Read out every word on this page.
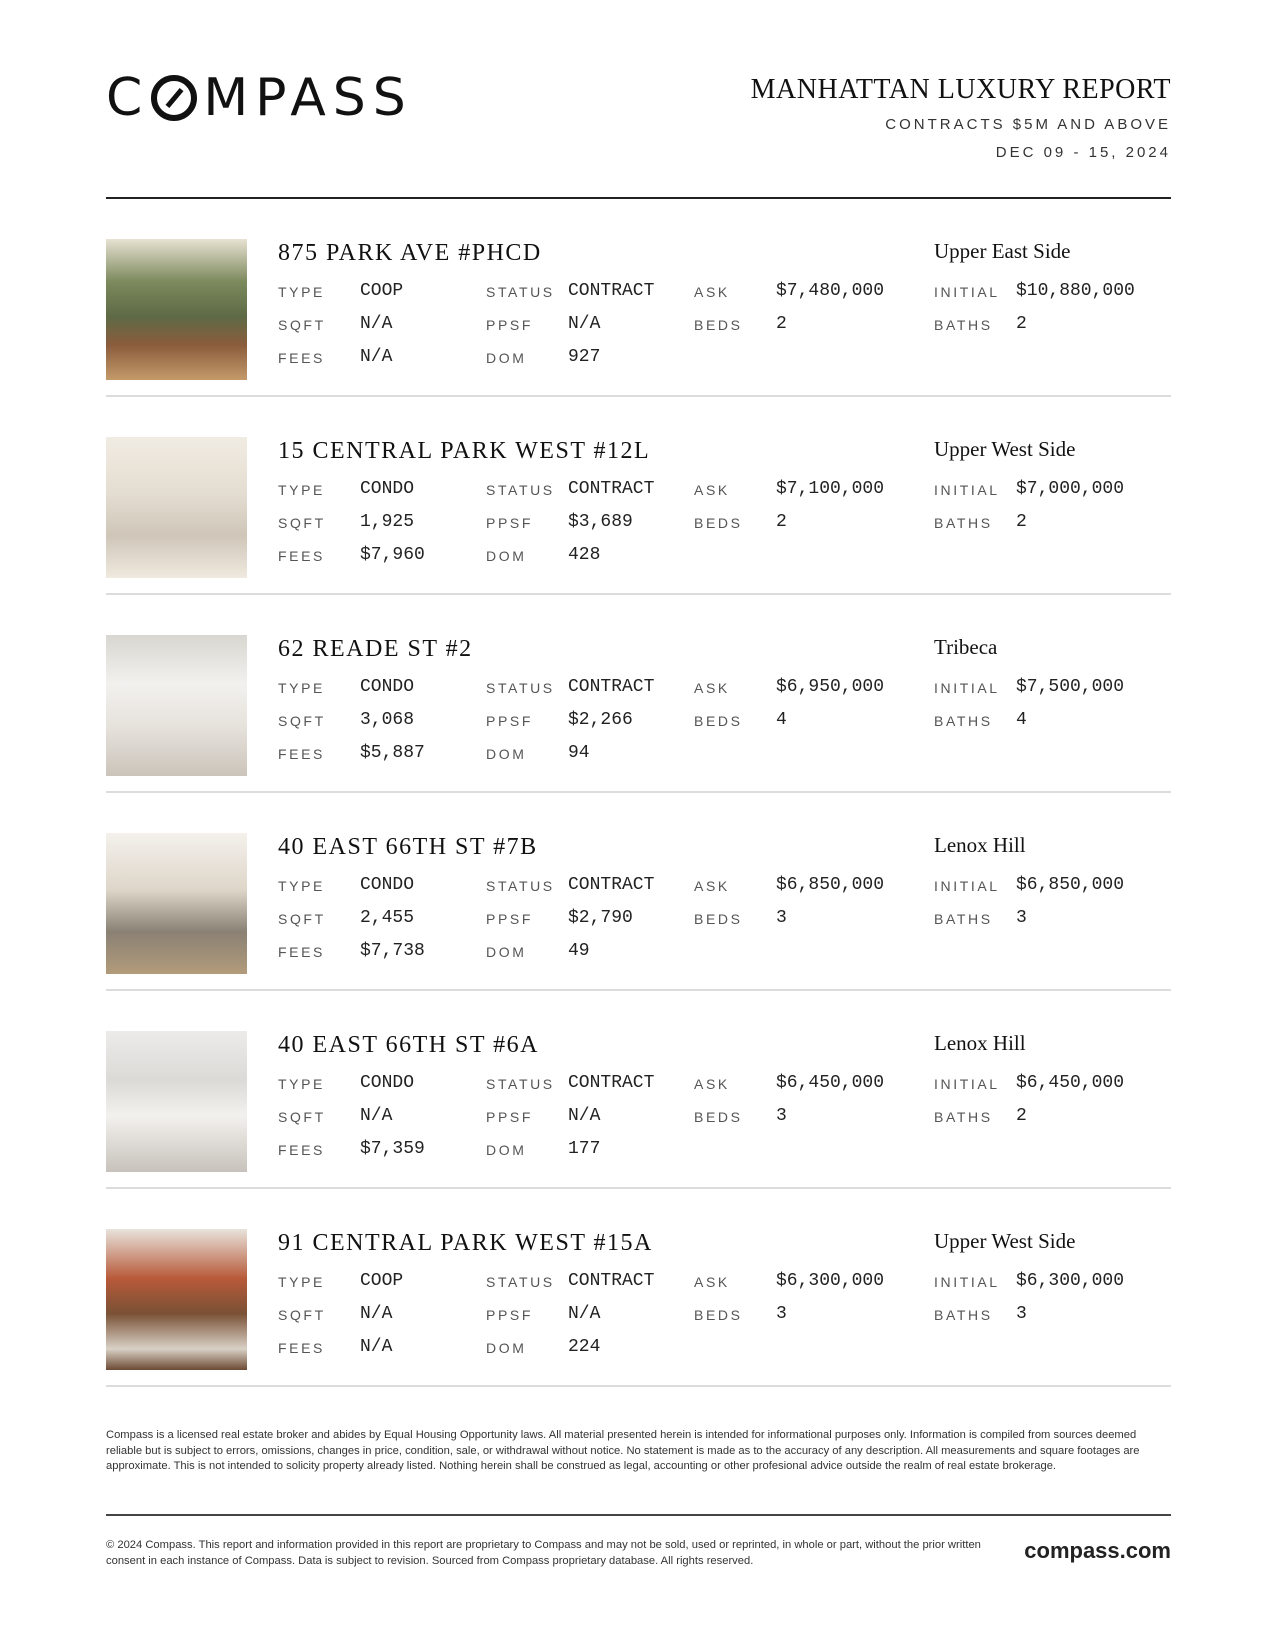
C MPASS	MANHATTAN LUXURY REPORT
CONTRACTS $5M AND ABOVE
DEC 09 - 15, 2024
875 PARK AVE #PHCD	Upper East Side
TYPE COOP
SQFT N/A
FEES N/A
STATUS CONTRACT
PPSF N/A
DOM 927
ASK	$7,480,000
BEDS 2
INITIAL $10,880,000
BATHS 2
15 CENTRAL PARK WEST #12L	Upper West Side
TYPE CONDO
SQFT 1,925
FEES $7,960
STATUS CONTRACT
PPSF $3,689
DOM 428
ASK	$7,100,000
BEDS 2
INITIAL $7,000,000
BATHS 2
62 READE ST #2	Tribeca
TYPE CONDO
SQFT 3,068
FEES $5,887
STATUS CONTRACT
PPSF $2,266
DOM 94
ASK	$6,950,000
BEDS 4
INITIAL $7,500,000
BATHS 4
40 EAST 66TH ST #7B	Lenox Hill
TYPE CONDO
SQFT 2,455
FEES $7,738
STATUS CONTRACT
PPSF $2,790
DOM 49
ASK	$6,850,000
BEDS 3
INITIAL $6,850,000
BATHS 3
40 EAST 66TH ST #6A	Lenox Hill
TYPE CONDO
SQFT N/A
FEES $7,359
STATUS CONTRACT
PPSF N/A
DOM 177
ASK	$6,450,000
BEDS 3
INITIAL $6,450,000
BATHS 2
91 CENTRAL PARK WEST #15A	Upper West Side
TYPE COOP
SQFT N/A
FEES N/A
STATUS CONTRACT
PPSF N/A
DOM 224
ASK	$6,300,000
BEDS 3
INITIAL $6,300,000
BATHS 3
Compass is a licensed real estate broker and abides by Equal Housing Opportunity laws. All material presented herein is intended for informational purposes only. Information is compiled from sources deemed reliable but is subject to errors, omissions, changes in price, condition, sale, or withdrawal without notice. No statement is made as to the accuracy of any description. All measurements and square footages are approximate. This is not intended to solicity property already listed. Nothing herein shall be construed as legal, accounting or other profesional advice outside the realm of real estate brokerage.
© 2024 Compass. This report and information provided in this report are proprietary to Compass and may not be sold, used or reprinted, in whole or part, without the prior written consent in each instance of Compass. Data is subject to revision. Sourced from Compass proprietary database. All rights reserved.	compass.com
